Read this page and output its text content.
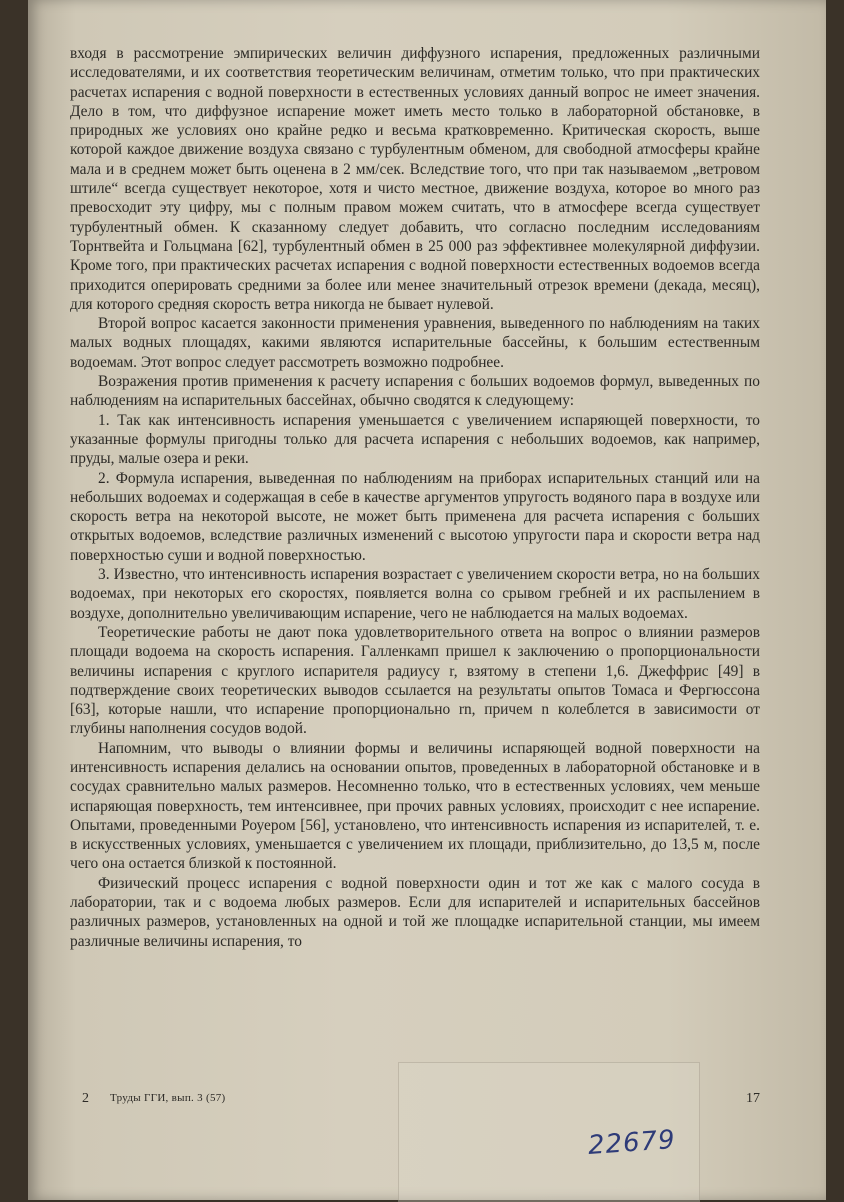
входя в рассмотрение эмпирических величин диффузного испарения, предложенных различными исследователями, и их соответствия теоретическим величинам, отметим только, что при практических расчетах испарения с водной поверхности в естественных условиях данный вопрос не имеет значения. Дело в том, что диффузное испарение может иметь место только в лабораторной обстановке, в природных же условиях оно крайне редко и весьма кратковременно. Критическая скорость, выше которой каждое движение воздуха связано с турбулентным обменом, для свободной атмосферы крайне мала и в среднем может быть оценена в 2 мм/сек. Вследствие того, что при так называемом „ветровом штиле“ всегда существует некоторое, хотя и чисто местное, движение воздуха, которое во много раз превосходит эту цифру, мы с полным правом можем считать, что в атмосфере всегда существует турбулентный обмен. К сказанному следует добавить, что согласно последним исследованиям Торнтвейта и Гольцмана [62], турбулентный обмен в 25 000 раз эффективнее молекулярной диффузии. Кроме того, при практических расчетах испарения с водной поверхности естественных водоемов всегда приходится оперировать средними за более или менее значительный отрезок времени (декада, месяц), для которого средняя скорость ветра никогда не бывает нулевой.

Второй вопрос касается законности применения уравнения, выведенного по наблюдениям на таких малых водных площадях, какими являются испарительные бассейны, к большим естественным водоемам. Этот вопрос следует рассмотреть возможно подробнее.

Возражения против применения к расчету испарения с больших водоемов формул, выведенных по наблюдениям на испарительных бассейнах, обычно сводятся к следующему:

1. Так как интенсивность испарения уменьшается с увеличением испаряющей поверхности, то указанные формулы пригодны только для расчета испарения с небольших водоемов, как например, пруды, малые озера и реки.

2. Формула испарения, выведенная по наблюдениям на приборах испарительных станций или на небольших водоемах и содержащая в себе в качестве аргументов упругость водяного пара в воздухе или скорость ветра на некоторой высоте, не может быть применена для расчета испарения с больших открытых водоемов, вследствие различных изменений с высотою упругости пара и скорости ветра над поверхностью суши и водной поверхностью.

3. Известно, что интенсивность испарения возрастает с увеличением скорости ветра, но на больших водоемах, при некоторых его скоростях, появляется волна со срывом гребней и их распылением в воздухе, дополнительно увеличивающим испарение, чего не наблюдается на малых водоемах.

Теоретические работы не дают пока удовлетворительного ответа на вопрос о влиянии размеров площади водоема на скорость испарения. Галленкамп пришел к заключению о пропорциональности величины испарения с круглого испарителя радиусу r, взятому в степени 1,6. Джеффрис [49] в подтверждение своих теоретических выводов ссылается на результаты опытов Томаса и Фергюссона [63], которые нашли, что испарение пропорционально rn, причем n колеблется в зависимости от глубины наполнения сосудов водой.

Напомним, что выводы о влиянии формы и величины испаряющей водной поверхности на интенсивность испарения делались на основании опытов, проведенных в лабораторной обстановке и в сосудах сравнительно малых размеров. Несомненно только, что в естественных условиях, чем меньше испаряющая поверхность, тем интенсивнее, при прочих равных условиях, происходит с нее испарение. Опытами, проведенными Роуером [56], установлено, что интенсивность испарения из испарителей, т. е. в искусственных условиях, уменьшается с увеличением их площади, приблизительно, до 13,5 м, после чего она остается близкой к постоянной.

Физический процесс испарения с водной поверхности один и тот же как с малого сосуда в лаборатории, так и с водоема любых размеров. Если для испарителей и испарительных бассейнов различных размеров, установленных на одной и той же площадке испарительной станции, мы имеем различные величины испарения, то

2 Труды ГГИ, вып. 3 (57)	17
22679
